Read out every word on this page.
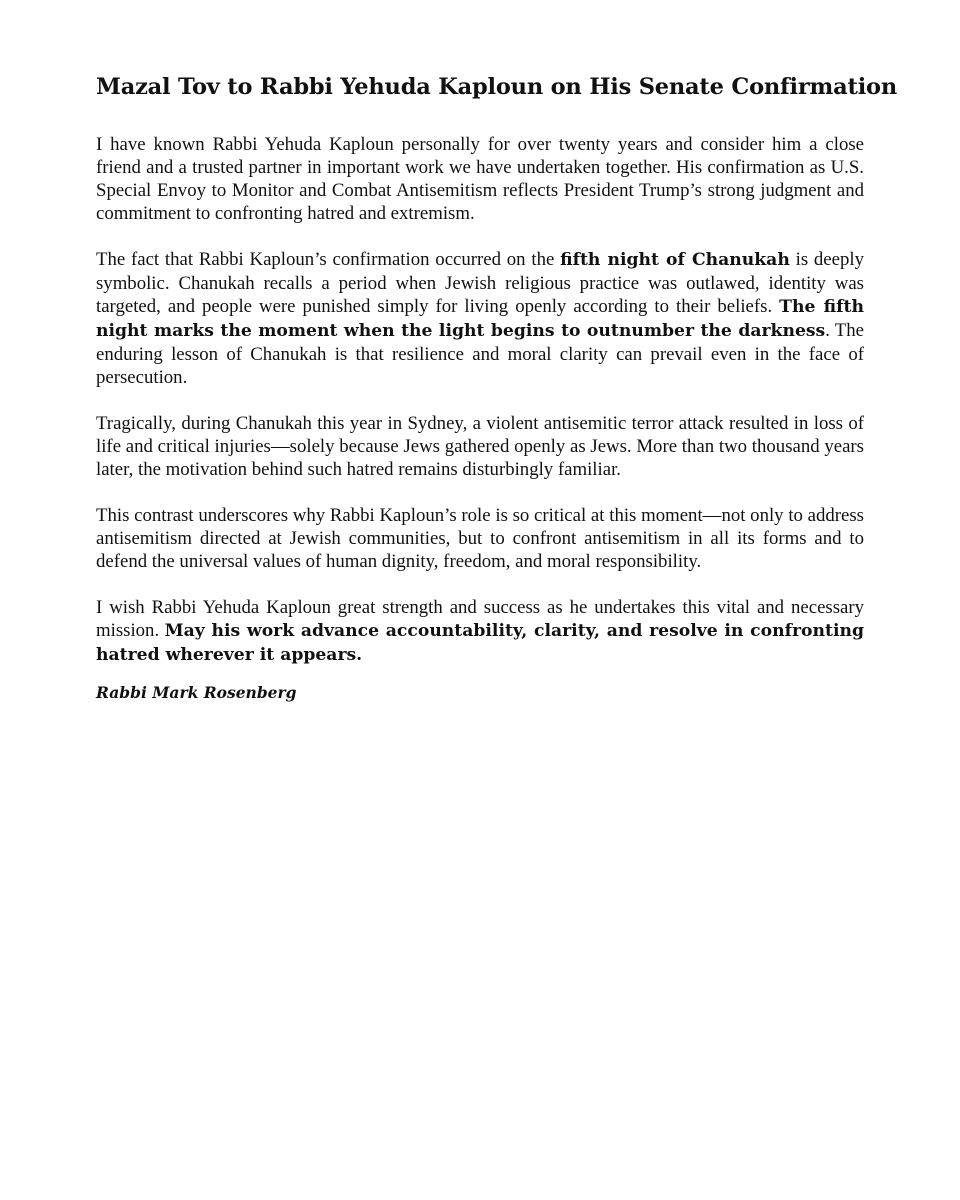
Mazal Tov to Rabbi Yehuda Kaploun on His Senate Confirmation

I have known Rabbi Yehuda Kaploun personally for over twenty years and consider him a close friend and a trusted partner in important work we have undertaken together. His confirmation as U.S. Special Envoy to Monitor and Combat Antisemitism reflects President Trump’s strong judgment and commitment to confronting hatred and extremism.

The fact that Rabbi Kaploun’s confirmation occurred on the fifth night of Chanukah is deeply symbolic. Chanukah recalls a period when Jewish religious practice was outlawed, identity was targeted, and people were punished simply for living openly according to their beliefs. The fifth night marks the moment when the light begins to outnumber the darkness. The enduring lesson of Chanukah is that resilience and moral clarity can prevail even in the face of persecution.

Tragically, during Chanukah this year in Sydney, a violent antisemitic terror attack resulted in loss of life and critical injuries—solely because Jews gathered openly as Jews. More than two thousand years later, the motivation behind such hatred remains disturbingly familiar.

This contrast underscores why Rabbi Kaploun’s role is so critical at this moment—not only to address antisemitism directed at Jewish communities, but to confront antisemitism in all its forms and to defend the universal values of human dignity, freedom, and moral responsibility.

I wish Rabbi Yehuda Kaploun great strength and success as he undertakes this vital and necessary mission. May his work advance accountability, clarity, and resolve in confronting hatred wherever it appears.

Rabbi Mark Rosenberg
